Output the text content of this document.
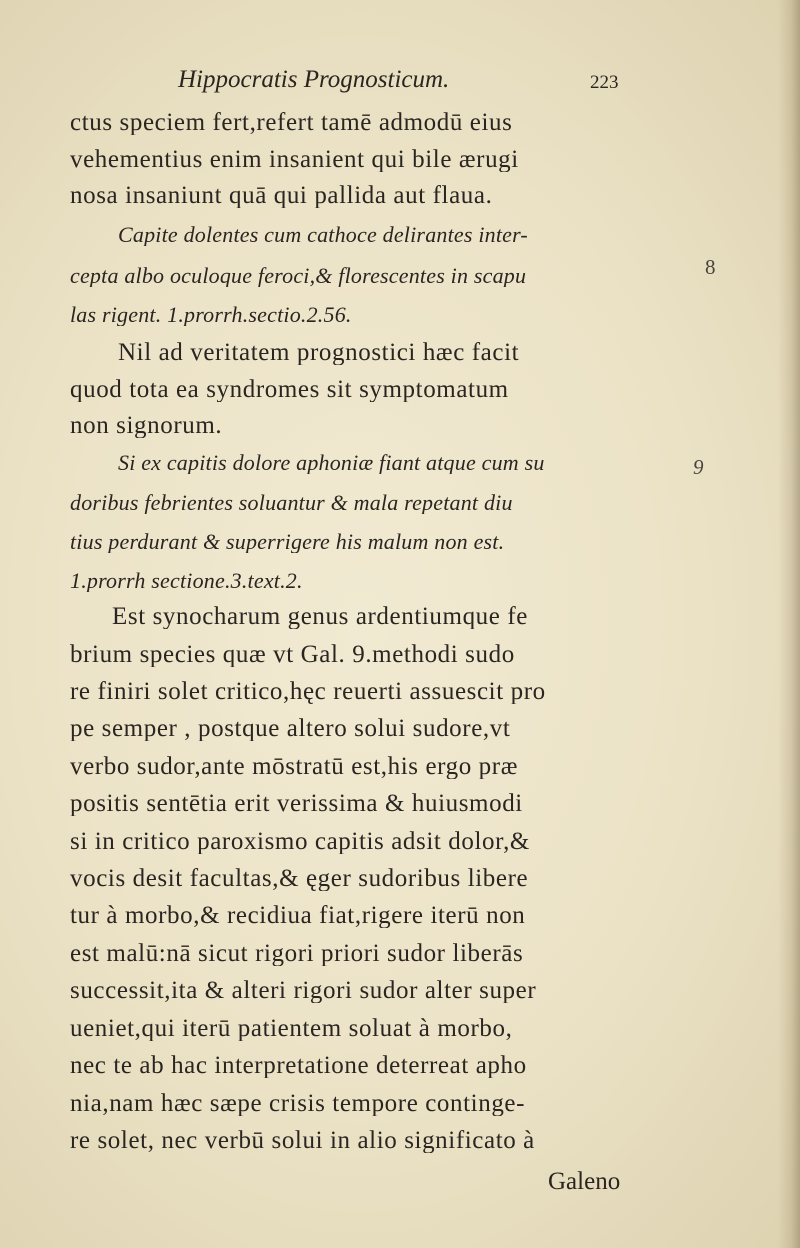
Hippocratis Prognosticum.	223
8
9
ctus speciem fert,refert tamē admodū eius
vehementius enim insanient qui bile ærugi
nosa insaniunt quā qui pallida aut flaua.
Capite dolentes cum cathoce delirantes inter-
cepta albo oculoque feroci,& florescentes in scapu
las rigent. 1.prorrh.sectio.2.56.
Nil ad veritatem prognostici hæc facit
quod tota ea syndromes sit symptomatum
non signorum.
Si ex capitis dolore aphoniæ fiant atque cum su
doribus febrientes soluantur & mala repetant diu
tius perdurant & superrigere his malum non est.
1.prorrh sectione.3.text.2.
Est synocharum genus ardentiumque fe
brium species quæ vt Gal. 9.methodi sudo
re finiri solet critico,hęc reuerti assuescit pro
pe semper , postque altero solui sudore,vt
verbo sudor,ante mōstratū est,his ergo præ
positis sentētia erit verissima & huiusmodi
si in critico paroxismo capitis adsit dolor,&
vocis desit facultas,& ęger sudoribus libere
tur à morbo,& recidiua fiat,rigere iterū non
est malū:nā sicut rigori priori sudor liberās
successit,ita & alteri rigori sudor alter super
ueniet,qui iterū patientem soluat à morbo,
nec te ab hac interpretatione deterreat apho
nia,nam hæc sæpe crisis tempore continge-
re solet, nec verbū solui in alio significato à
Galeno
